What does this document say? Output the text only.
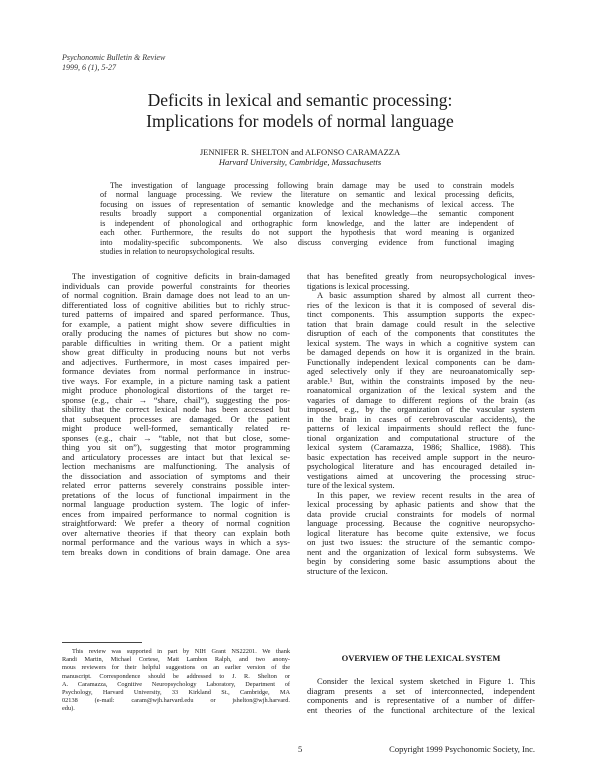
Psychonomic Bulletin & Review
1999, 6 (1), 5-27
Deficits in lexical and semantic processing:
Implications for models of normal language
JENNIFER R. SHELTON and ALFONSO CARAMAZZA
Harvard University, Cambridge, Massachusetts
The investigation of language processing following brain damage may be used to constrain models
of normal language processing. We review the literature on semantic and lexical processing deficits,
focusing on issues of representation of semantic knowledge and the mechanisms of lexical access. The
results broadly support a componential organization of lexical knowledge—the semantic component
is independent of phonological and orthographic form knowledge, and the latter are independent of
each other. Furthermore, the results do not support the hypothesis that word meaning is organized
into modality-specific subcomponents. We also discuss converging evidence from functional imaging
studies in relation to neuropsychological results.
The investigation of cognitive deficits in brain-damaged
individuals can provide powerful constraints for theories
of normal cognition. Brain damage does not lead to an un-
differentiated loss of cognitive abilities but to richly struc-
tured patterns of impaired and spared performance. Thus,
for example, a patient might show severe difficulties in
orally producing the names of pictures but show no com-
parable difficulties in writing them. Or a patient might
show great difficulty in producing nouns but not verbs
and adjectives. Furthermore, in most cases impaired per-
formance deviates from normal performance in instruc-
tive ways. For example, in a picture naming task a patient
might produce phonological distortions of the target re-
sponse (e.g., chair → “share, chail”), suggesting the pos-
sibility that the correct lexical node has been accessed but
that subsequent processes are damaged. Or the patient
might produce well-formed, semantically related re-
sponses (e.g., chair → “table, not that but close, some-
thing you sit on”), suggesting that motor programming
and articulatory processes are intact but that lexical se-
lection mechanisms are malfunctioning. The analysis of
the dissociation and association of symptoms and their
related error patterns severely constrains possible inter-
pretations of the locus of functional impairment in the
normal language production system. The logic of infer-
ences from impaired performance to normal cognition is
straightforward: We prefer a theory of normal cognition
over alternative theories if that theory can explain both
normal performance and the various ways in which a sys-
tem breaks down in conditions of brain damage. One area
that has benefited greatly from neuropsychological inves-
tigations is lexical processing.
A basic assumption shared by almost all current theo-
ries of the lexicon is that it is composed of several dis-
tinct components. This assumption supports the expec-
tation that brain damage could result in the selective
disruption of each of the components that constitutes the
lexical system. The ways in which a cognitive system can
be damaged depends on how it is organized in the brain.
Functionally independent lexical components can be dam-
aged selectively only if they are neuroanatomically sep-
arable.¹ But, within the constraints imposed by the neu-
roanatomical organization of the lexical system and the
vagaries of damage to different regions of the brain (as
imposed, e.g., by the organization of the vascular system
in the brain in cases of cerebrovascular accidents), the
patterns of lexical impairments should reflect the func-
tional organization and computational structure of the
lexical system (Caramazza, 1986; Shallice, 1988). This
basic expectation has received ample support in the neuro-
psychological literature and has encouraged detailed in-
vestigations aimed at uncovering the processing struc-
ture of the lexical system.
In this paper, we review recent results in the area of
lexical processing by aphasic patients and show that the
data provide crucial constraints for models of normal
language processing. Because the cognitive neuropsycho-
logical literature has become quite extensive, we focus
on just two issues: the structure of the semantic compo-
nent and the organization of lexical form subsystems. We
begin by considering some basic assumptions about the
structure of the lexicon.
This review was supported in part by NIH Grant NS22201. We thank
Randi Martin, Michael Cortese, Matt Lambon Ralph, and two anony-
mous reviewers for their helpful suggestions on an earlier version of the
manuscript. Correspondence should be addressed to J. R. Shelton or
A. Caramazza, Cognitive Neuropsychology Laboratory, Department of
Psychology, Harvard University, 33 Kirkland St., Cambridge, MA
02138 (e-mail: caram@wjh.harvard.edu or jshelton@wjh.harvard.
edu).
OVERVIEW OF THE LEXICAL SYSTEM
Consider the lexical system sketched in Figure 1. This
diagram presents a set of interconnected, independent
components and is representative of a number of differ-
ent theories of the functional architecture of the lexical
5	Copyright 1999 Psychonomic Society, Inc.
